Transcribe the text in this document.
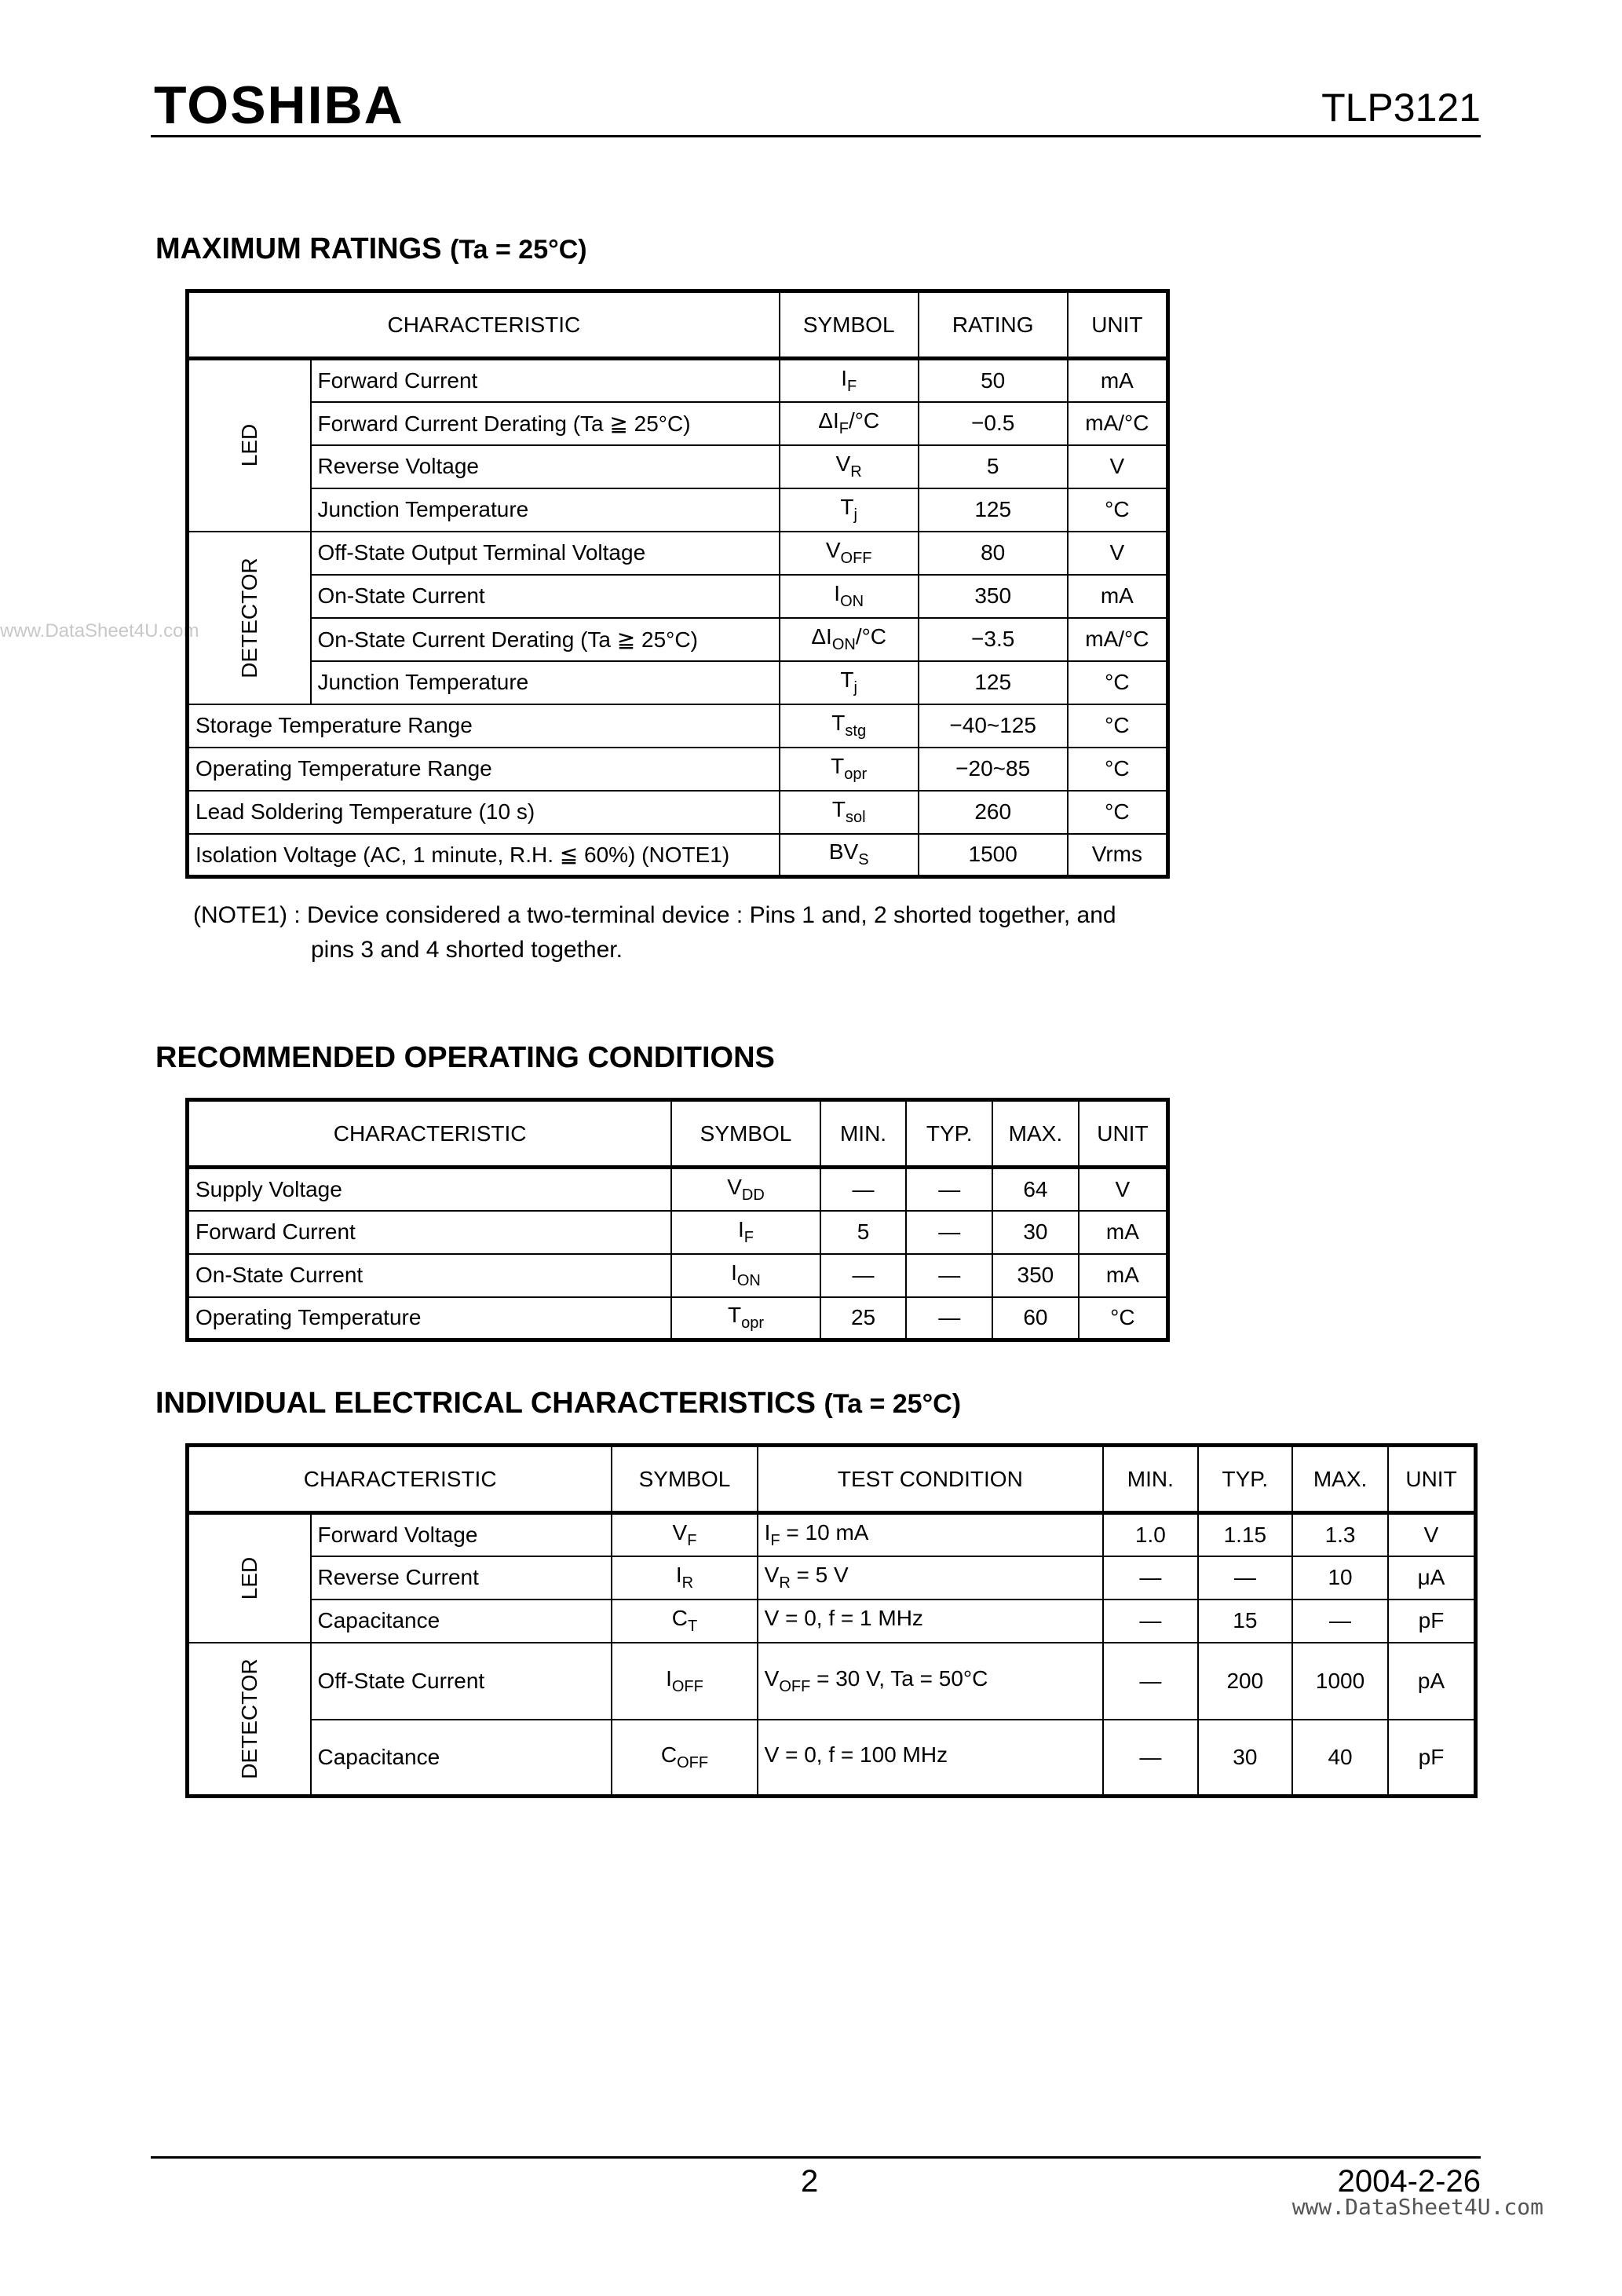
TOSHIBA	TLP3121
www.DataSheet4U.com
MAXIMUM RATINGS (Ta = 25°C)
CHARACTERISTIC		SYMBOL	RATING	UNIT
LED	Forward Current	$I_F$	50	mA
	Forward Current Derating (Ta ≧ 25°C)	$\Delta I_F/^\circ C$	−0.5	mA/°C
	Reverse Voltage	$V_R$	5	V
	Junction Temperature	$T_j$	125	°C
DETECTOR	Off-State Output Terminal Voltage	$V_{OFF}$	80	V
	On-State Current	$I_{ON}$	350	mA
	On-State Current Derating (Ta ≧ 25°C)	$\Delta I_{ON}/^\circ C$	−3.5	mA/°C
	Junction Temperature	$T_j$	125	°C
Storage Temperature Range		$T_{stg}$	−40~125	°C
Operating Temperature Range		$T_{opr}$	−20~85	°C
Lead Soldering Temperature (10 s)		$T_{sol}$	260	°C
Isolation Voltage (AC, 1 minute, R.H. ≦ 60%) (NOTE1)		$BV_S$	1500	Vrms
(NOTE1) : Device considered a two-terminal device : Pins 1 and, 2 shorted together, and
pins 3 and 4 shorted together.
RECOMMENDED OPERATING CONDITIONS
CHARACTERISTIC	SYMBOL	MIN.	TYP.	MAX.	UNIT
Supply Voltage	$V_{DD}$	—	—	64	V
Forward Current	$I_F$	5	—	30	mA
On-State Current	$I_{ON}$	—	—	350	mA
Operating Temperature	$T_{opr}$	25	—	60	°C
INDIVIDUAL ELECTRICAL CHARACTERISTICS (Ta = 25°C)
CHARACTERISTIC		SYMBOL	TEST CONDITION	MIN.	TYP.	MAX.	UNIT
LED	Forward Voltage	$V_F$	$I_F = 10$ mA	1.0	1.15	1.3	V
	Reverse Current	$I_R$	$V_R = 5$ V	—	—	10	μA
	Capacitance	$C_T$	V = 0, f = 1 MHz	—	15	—	pF
DETECTOR	Off-State Current	$I_{OFF}$	$V_{OFF} = 30$ V, Ta = 50°C	—	200	1000	pA
	Capacitance	$C_{OFF}$	V = 0, f = 100 MHz	—	30	40	pF
2	2004-2-26
www.DataSheet4U.com
